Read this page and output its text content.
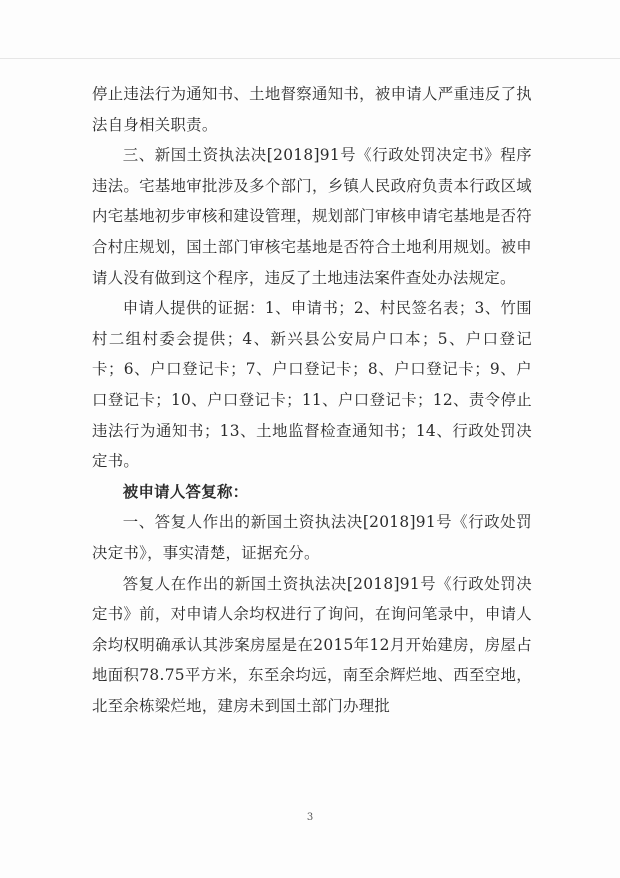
停止违法行为通知书、土地督察通知书，被申请人严重违反了执法自身相关职责。

三、新国土资执法决[2018]91号《行政处罚决定书》程序违法。宅基地审批涉及多个部门，乡镇人民政府负责本行政区域内宅基地初步审核和建设管理，规划部门审核申请宅基地是否符合村庄规划，国土部门审核宅基地是否符合土地利用规划。被申请人没有做到这个程序，违反了土地违法案件查处办法规定。

申请人提供的证据：1、申请书；2、村民签名表；3、竹围村二组村委会提供；4、新兴县公安局户口本；5、户口登记卡；6、户口登记卡；7、户口登记卡；8、户口登记卡；9、户口登记卡；10、户口登记卡；11、户口登记卡；12、责令停止违法行为通知书；13、土地监督检查通知书；14、行政处罚决定书。

被申请人答复称：

一、答复人作出的新国土资执法决[2018]91号《行政处罚决定书》，事实清楚，证据充分。

答复人在作出的新国土资执法决[2018]91号《行政处罚决定书》前，对申请人余均权进行了询问，在询问笔录中，申请人余均权明确承认其涉案房屋是在2015年12月开始建房，房屋占地面积78.75平方米，东至余均远，南至余辉烂地、西至空地，北至余栋梁烂地，建房未到国土部门办理批

3
